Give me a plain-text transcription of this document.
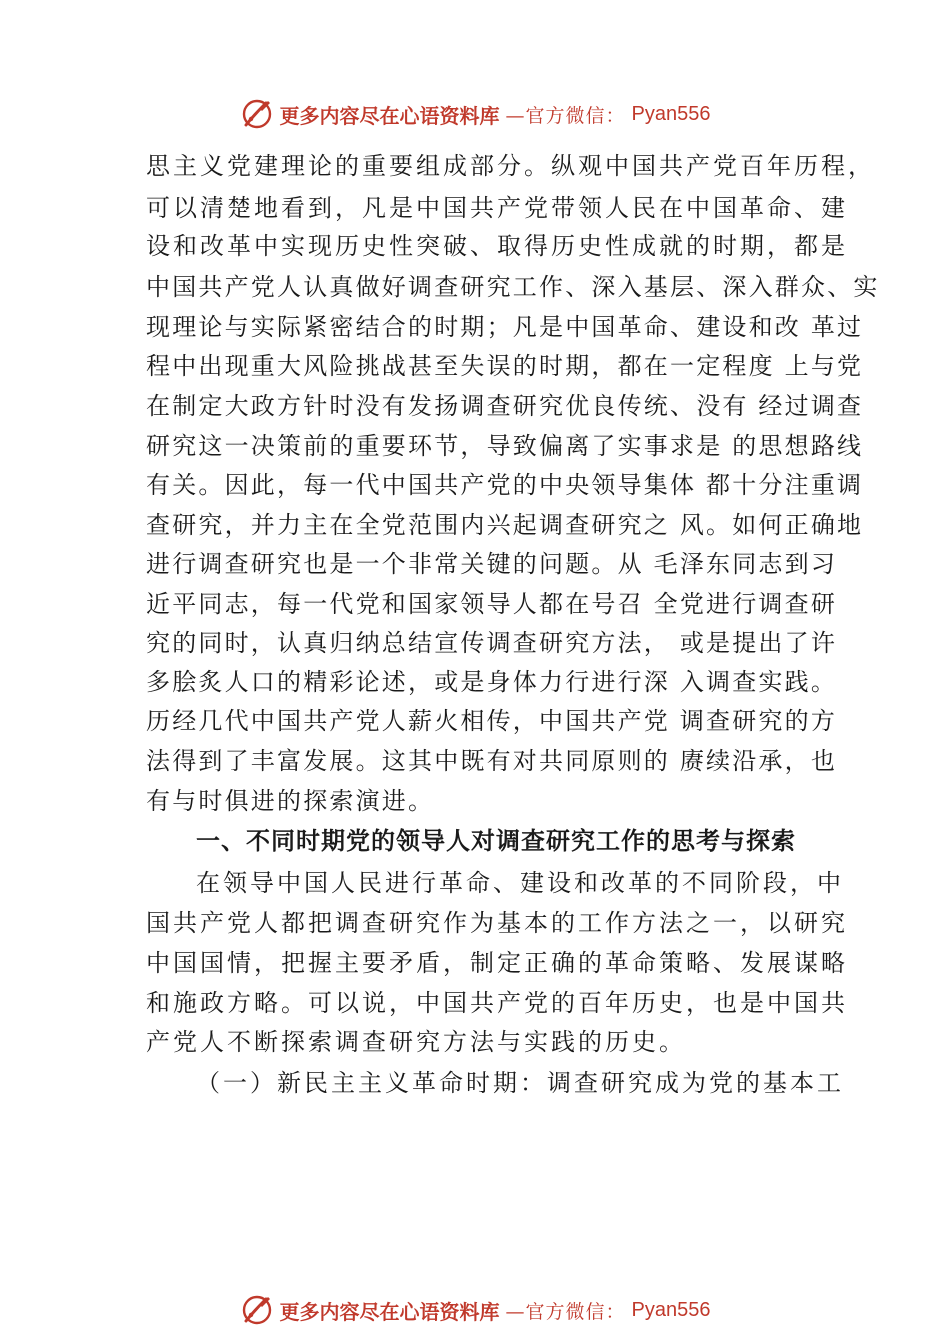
更多内容尽在心语资料库 —官方微信： Pyan556
思主义党建理论的重要组成部分。纵观中国共产党百年历程，
可以清楚地看到，凡是中国共产党带领人民在中国革命、建
设和改革中实现历史性突破、取得历史性成就的时期，都是
中国共产党人认真做好调查研究工作、深入基层、深入群众、实
现理论与实际紧密结合的时期；凡是中国革命、建设和改 革过
程中出现重大风险挑战甚至失误的时期，都在一定程度 上与党
在制定大政方针时没有发扬调查研究优良传统、没有 经过调查
研究这一决策前的重要环节，导致偏离了实事求是 的思想路线
有关。因此，每一代中国共产党的中央领导集体 都十分注重调
查研究，并力主在全党范围内兴起调查研究之 风。如何正确地
进行调查研究也是一个非常关键的问题。从 毛泽东同志到习
近平同志，每一代党和国家领导人都在号召 全党进行调查研
究的同时，认真归纳总结宣传调查研究方法， 或是提出了许
多脍炙人口的精彩论述，或是身体力行进行深 入调查实践。
历经几代中国共产党人薪火相传，中国共产党 调查研究的方
法得到了丰富发展。这其中既有对共同原则的 赓续沿承，也
有与时俱进的探索演进。
一、不同时期党的领导人对调查研究工作的思考与探索
在领导中国人民进行革命、建设和改革的不同阶段，中
国共产党人都把调查研究作为基本的工作方法之一，以研究
中国国情，把握主要矛盾，制定正确的革命策略、发展谋略
和施政方略。可以说，中国共产党的百年历史，也是中国共
产党人不断探索调查研究方法与实践的历史。
（一）新民主主义革命时期：调查研究成为党的基本工
更多内容尽在心语资料库 —官方微信： Pyan556
